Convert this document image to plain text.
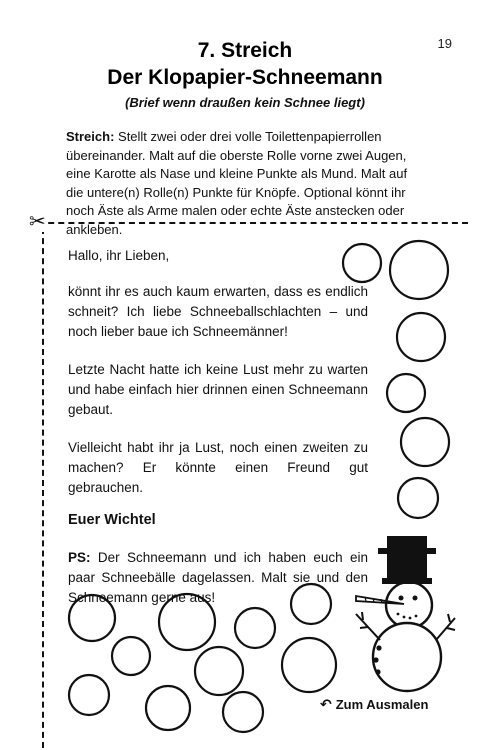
19
7. Streich
Der Klopapier-Schneemann
(Brief wenn draußen kein Schnee liegt)
Streich: Stellt zwei oder drei volle Toilettenpapierrollen übereinander. Malt auf die oberste Rolle vorne zwei Augen, eine Karotte als Nase und kleine Punkte als Mund. Malt auf die untere(n) Rolle(n) Punkte für Knöpfe. Optional könnt ihr noch Äste als Arme malen oder echte Äste anstecken oder ankleben.
✂

Hallo, ihr Lieben,

könnt ihr es auch kaum erwarten, dass es endlich schneit? Ich liebe Schneeballschlachten – und noch lieber baue ich Schneemänner!

Letzte Nacht hatte ich keine Lust mehr zu warten und habe einfach hier drinnen einen Schneemann gebaut.

Vielleicht habt ihr ja Lust, noch einen zweiten zu machen? Er könnte einen Freund gut gebrauchen.

Euer Wichtel
PS: Der Schneemann und ich haben euch ein paar Schneebälle dagelassen. Malt sie und den Schneemann gerne aus!
↶ Zum Ausmalen
